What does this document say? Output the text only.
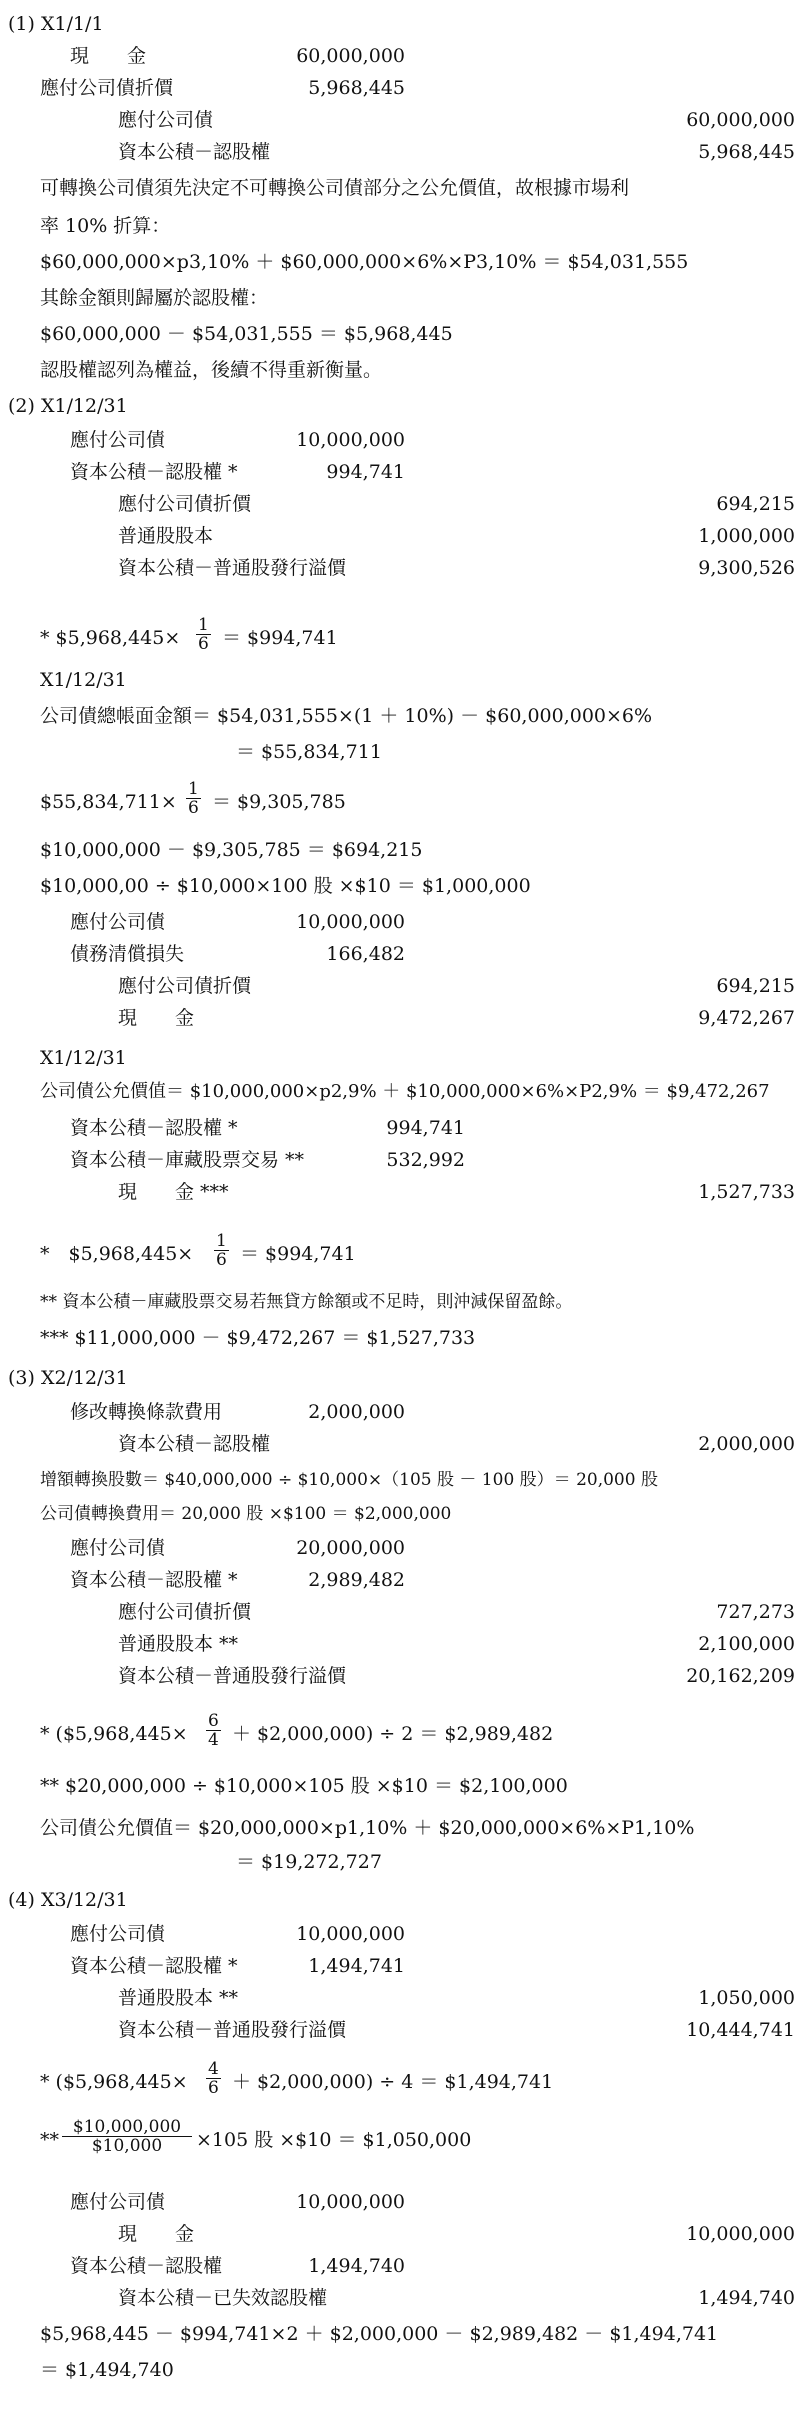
(1) X1/1/1
現　　金	60,000,000
應付公司債折價	5,968,445
應付公司債	60,000,000
資本公積－認股權	5,968,445
可轉換公司債須先決定不可轉換公司債部分之公允價值，故根據市場利
率 10% 折算：
$60,000,000×p3,10% ＋ $60,000,000×6%×P3,10% ＝ $54,031,555
其餘金額則歸屬於認股權：
$60,000,000 － $54,031,555 ＝ $5,968,445
認股權認列為權益，後續不得重新衡量。
(2) X1/12/31
應付公司債	10,000,000
資本公積－認股權 *	994,741
應付公司債折價	694,215
普通股股本	1,000,000
資本公積－普通股發行溢價	9,300,526
* $5,968,445× $\frac{1}{6}$ ＝ $994,741
X1/12/31
公司債總帳面金額＝ $54,031,555×(1 ＋ 10%) － $60,000,000×6%
＝ $55,834,711
$55,834,711× $\frac{1}{6}$ ＝ $9,305,785
$10,000,000 － $9,305,785 ＝ $694,215
$10,000,00 ÷ $10,000×100 股 ×$10 ＝ $1,000,000
應付公司債	10,000,000
債務清償損失	166,482
應付公司債折價	694,215
現　　金	9,472,267
X1/12/31
公司債公允價值＝ $10,000,000×p2,9% ＋ $10,000,000×6%×P2,9% ＝ $9,472,267
資本公積－認股權 *	994,741
資本公積－庫藏股票交易 **	532,992
現　　金 ***	1,527,733
*　$5,968,445× $\frac{1}{6}$ ＝ $994,741
** 資本公積－庫藏股票交易若無貸方餘額或不足時，則沖減保留盈餘。
*** $11,000,000 － $9,472,267 ＝ $1,527,733
(3) X2/12/31
修改轉換條款費用	2,000,000
資本公積－認股權	2,000,000
增額轉換股數＝ $40,000,000 ÷ $10,000×（105 股 － 100 股）＝ 20,000 股
公司債轉換費用＝ 20,000 股 ×$100 ＝ $2,000,000
應付公司債	20,000,000
資本公積－認股權 *	2,989,482
應付公司債折價	727,273
普通股股本 **	2,100,000
資本公積－普通股發行溢價	20,162,209
* ($5,968,445× $\frac{6}{4}$ ＋ $2,000,000) ÷ 2 ＝ $2,989,482
** $20,000,000 ÷ $10,000×105 股 ×$10 ＝ $2,100,000
公司債公允價值＝ $20,000,000×p1,10% ＋ $20,000,000×6%×P1,10%
＝ $19,272,727
(4) X3/12/31
應付公司債	10,000,000
資本公積－認股權 *	1,494,741
普通股股本 **	1,050,000
資本公積－普通股發行溢價	10,444,741
* ($5,968,445× $\frac{4}{6}$ ＋ $2,000,000) ÷ 4 ＝ $1,494,741
** $\frac{\$10,000,000}{\$10,000} \times 105$ 股 ×$10 ＝ $1,050,000
應付公司債	10,000,000
現　　金	10,000,000
資本公積－認股權	1,494,740
資本公積－已失效認股權	1,494,740
$5,968,445 － $994,741×2 ＋ $2,000,000 － $2,989,482 － $1,494,741
＝ $1,494,740
